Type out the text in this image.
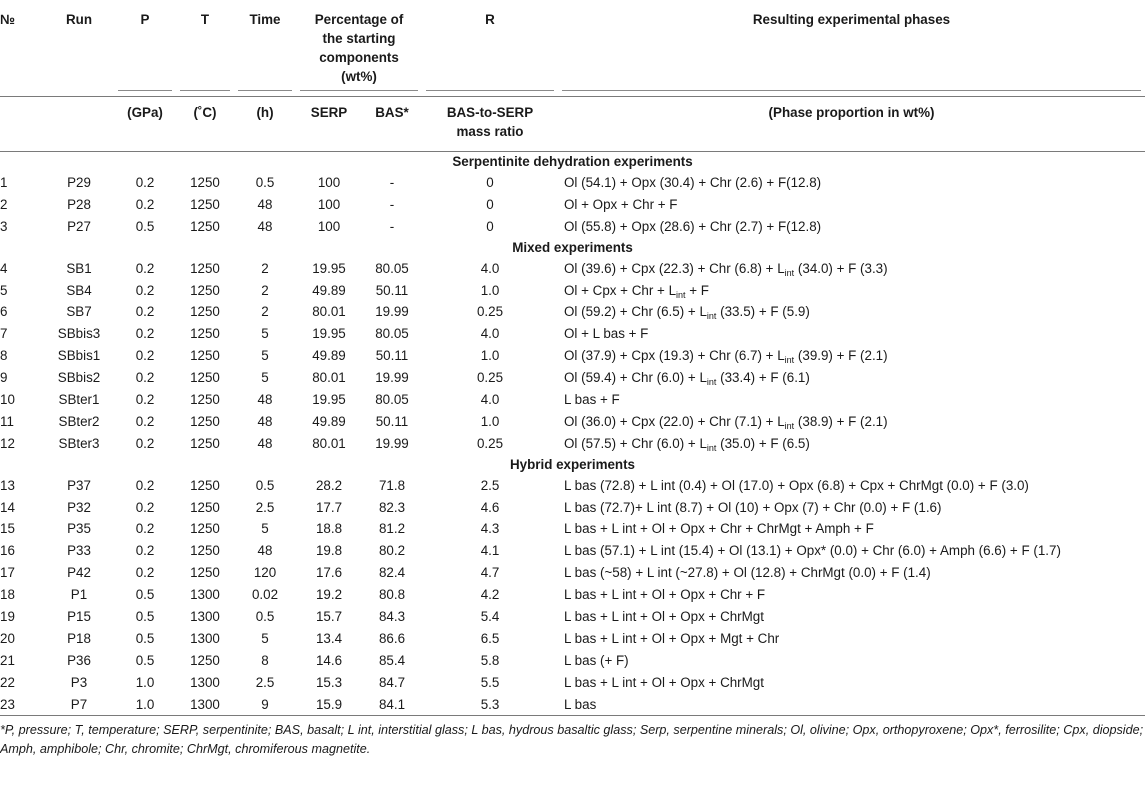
№	Run	P	T	Time	Percentage of the starting components (wt%)		R	Resulting experimental phases

		(GPa)	(˚C)	(h)	SERP	BAS*	BAS-to-SERP mass ratio	(Phase proportion in wt%)
Serpentinite dehydration experiments								
1	P29	0.2	1250	0.5	100	-	0	Ol (54.1) + Opx (30.4) + Chr (2.6) + F(12.8)
2	P28	0.2	1250	48	100	-	0	Ol + Opx + Chr + F
3	P27	0.5	1250	48	100	-	0	Ol (55.8) + Opx (28.6) + Chr (2.7) + F(12.8)
Mixed experiments								
4	SB1	0.2	1250	2	19.95	80.05	4.0	Ol (39.6) + Cpx (22.3) + Chr $(6.8) + L_{int}$ (34.0) + F (3.3)
5	SB4	0.2	1250	2	49.89	50.11	1.0	Ol + Cpx + Chr + $L_{int} + F$
6	SB7	0.2	1250	2	80.01	19.99	0.25	Ol (59.2) + Chr $(6.5) + L_{int}$ (33.5) + F (5.9)
7	SBbis3	0.2	1250	5	19.95	80.05	4.0	Ol + L bas + F
8	SBbis1	0.2	1250	5	49.89	50.11	1.0	Ol (37.9) + Cpx (19.3) + Chr $(6.7) + L_{int}$ (39.9) + F (2.1)
9	SBbis2	0.2	1250	5	80.01	19.99	0.25	Ol (59.4) + Chr $(6.0) + L_{int}$ (33.4) + F (6.1)
10	SBter1	0.2	1250	48	19.95	80.05	4.0	L bas + F
11	SBter2	0.2	1250	48	49.89	50.11	1.0	Ol (36.0) + Cpx (22.0) + Chr $(7.1) + L_{int}$ (38.9) + F (2.1)
12	SBter3	0.2	1250	48	80.01	19.99	0.25	Ol (57.5) + Chr $(6.0) + L_{int}$ (35.0) + F (6.5)
Hybrid experiments								
13	P37	0.2	1250	0.5	28.2	71.8	2.5	L bas (72.8) + L int (0.4) + Ol (17.0) + Opx (6.8) + Cpx + ChrMgt (0.0) + F (3.0)
14	P32	0.2	1250	2.5	17.7	82.3	4.6	L bas (72.7)+ L int (8.7) + Ol (10) + Opx (7) + Chr (0.0) + F (1.6)
15	P35	0.2	1250	5	18.8	81.2	4.3	L bas + L int + Ol + Opx + Chr + ChrMgt + Amph + F
16	P33	0.2	1250	48	19.8	80.2	4.1	L bas (57.1) + L int (15.4) + Ol (13.1) + Opx* (0.0) + Chr (6.0) + Amph (6.6) + F (1.7)
17	P42	0.2	1250	120	17.6	82.4	4.7	L bas (~58) + L int (~27.8) + Ol (12.8) + ChrMgt (0.0) + F (1.4)
18	P1	0.5	1300	0.02	19.2	80.8	4.2	L bas + L int + Ol + Opx + Chr + F
19	P15	0.5	1300	0.5	15.7	84.3	5.4	L bas + L int + Ol + Opx + ChrMgt
20	P18	0.5	1300	5	13.4	86.6	6.5	L bas + L int + Ol + Opx + Mgt + Chr
21	P36	0.5	1250	8	14.6	85.4	5.8	L bas (+ F)
22	P3	1.0	1300	2.5	15.3	84.7	5.5	L bas + L int + Ol + Opx + ChrMgt
23	P7	1.0	1300	9	15.9	84.1	5.3	L bas
*P, pressure; T, temperature; SERP, serpentinite; BAS, basalt; L int, interstitial glass; L bas, hydrous basaltic glass; Serp, serpentine minerals; Ol, olivine; Opx, orthopyroxene; Opx*, ferrosilite; Cpx, diopside; Amph, amphibole; Chr, chromite; ChrMgt, chromiferous magnetite.								
